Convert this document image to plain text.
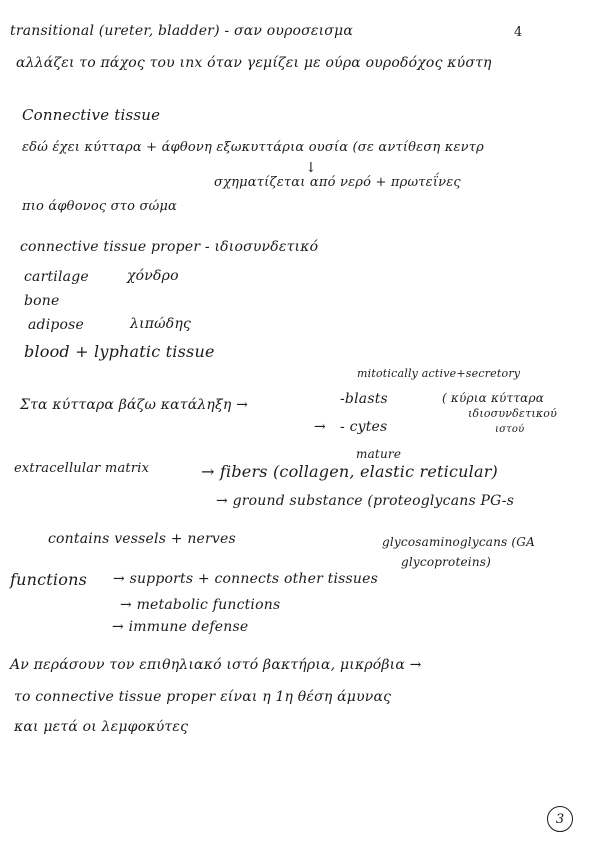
4
transitional (ureter, bladder) - σαν ουροσεισμα
αλλάζει το πάχος του ιnx όταν γεμίζει με ούρα ουροδόχος κύστη
Connective tissue
εδώ έχει κύτταρα + άφθονη εξωκυττάρια ουσία (σε αντίθεση κεντρ
↓
σχηματίζεται από νερό + πρωτεΐνες
πιο άφθονος στο σώμα
connective tissue proper - ιδιοσυνδετικό
cartilage	χόνδρο
bone
adipose	λιπώδης
blood + lyphatic tissue
mitotically active+secretory
Στα κύτταρα βάζω κατάληξη →	-blasts	( κύρια κύτταρα
→ - cytes
ιδιοσυνδετικού
ιστού
mature
extracellular matrix	→ fibers (collagen, elastic reticular)
→ ground substance (proteoglycans PG-s
contains vessels + nerves	glycosaminoglycans (GA
glycoproteins)
functions → supports + connects other tissues
→ metabolic functions
→ immune defense
Αν περάσουν τον επιθηλιακό ιστό βακτήρια, μικρόβια →
το connective tissue proper είναι η 1η θέση άμυνας
και μετά οι λεμφοκύτες
3
